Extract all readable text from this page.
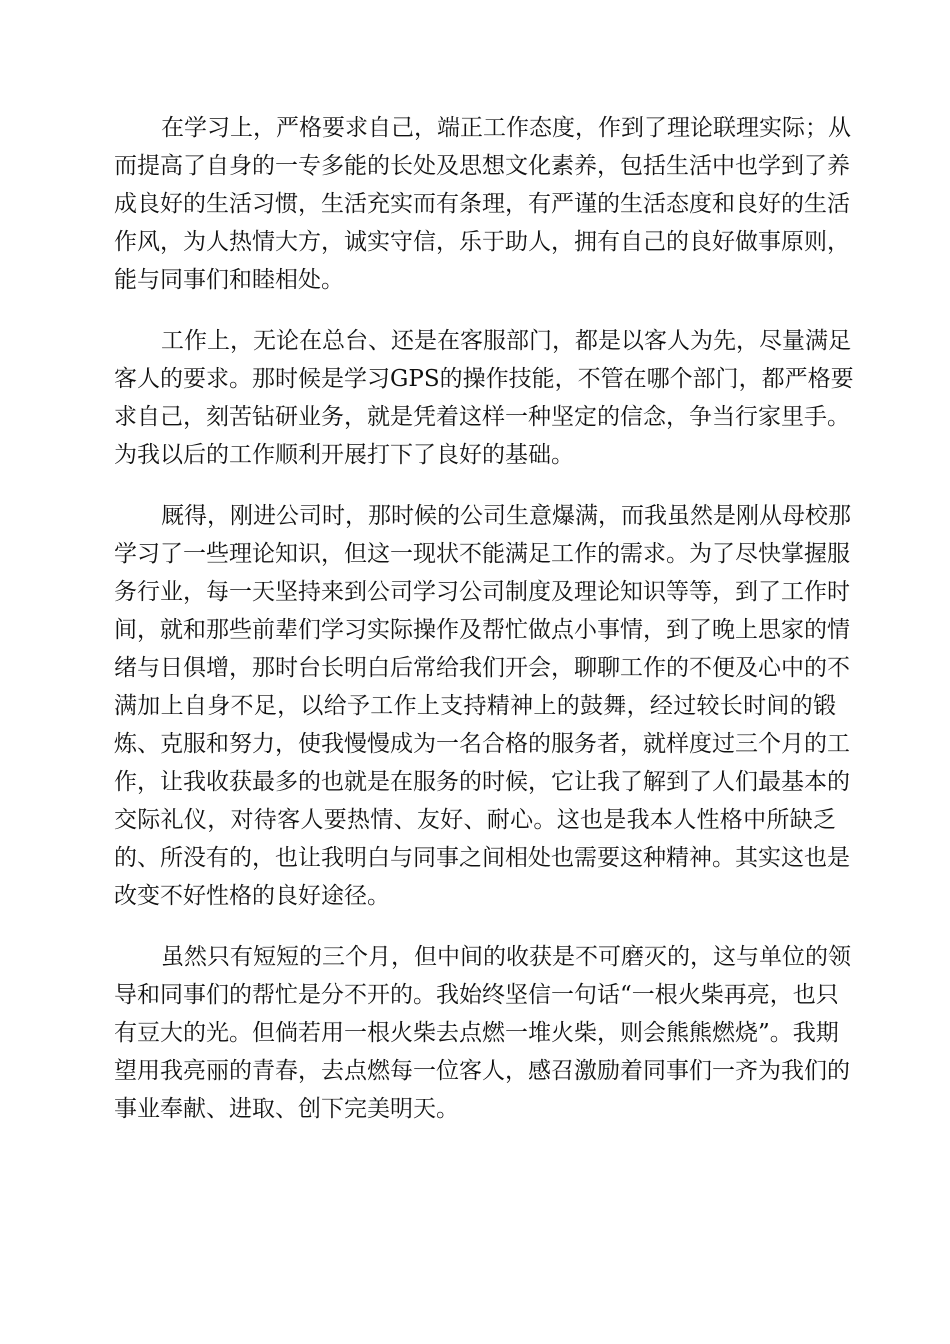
在学习上，严格要求自己，端正工作态度，作到了理论联理实际；从
而提高了自身的一专多能的长处及思想文化素养，包括生活中也学到了养
成良好的生活习惯，生活充实而有条理，有严谨的生活态度和良好的生活
作风，为人热情大方，诚实守信，乐于助人，拥有自己的良好做事原则，
能与同事们和睦相处。
工作上，无论在总台、还是在客服部门，都是以客人为先，尽量满足
客人的要求。那时候是学习GPS的操作技能，不管在哪个部门，都严格要
求自己，刻苦钻研业务，就是凭着这样一种坚定的信念，争当行家里手。
为我以后的工作顺利开展打下了良好的基础。
厩得，刚进公司时，那时候的公司生意爆满，而我虽然是刚从母校那
学习了一些理论知识，但这一现状不能满足工作的需求。为了尽快掌握服
务行业，每一天坚持来到公司学习公司制度及理论知识等等，到了工作时
间，就和那些前辈们学习实际操作及帮忙做点小事情，到了晚上思家的情
绪与日俱增，那时台长明白后常给我们开会，聊聊工作的不便及心中的不
满加上自身不足，以给予工作上支持精神上的鼓舞，经过较长时间的锻
炼、克服和努力，使我慢慢成为一名合格的服务者，就样度过三个月的工
作，让我收获最多的也就是在服务的时候，它让我了解到了人们最基本的
交际礼仪，对待客人要热情、友好、耐心。这也是我本人性格中所缺乏
的、所没有的，也让我明白与同事之间相处也需要这种精神。其实这也是
改变不好性格的良好途径。
虽然只有短短的三个月，但中间的收获是不可磨灭的，这与单位的领
导和同事们的帮忙是分不开的。我始终坚信一句话“一根火柴再亮，也只
有豆大的光。但倘若用一根火柴去点燃一堆火柴，则会熊熊燃烧”。我期
望用我亮丽的青春，去点燃每一位客人，感召激励着同事们一齐为我们的
事业奉献、进取、创下完美明天。
